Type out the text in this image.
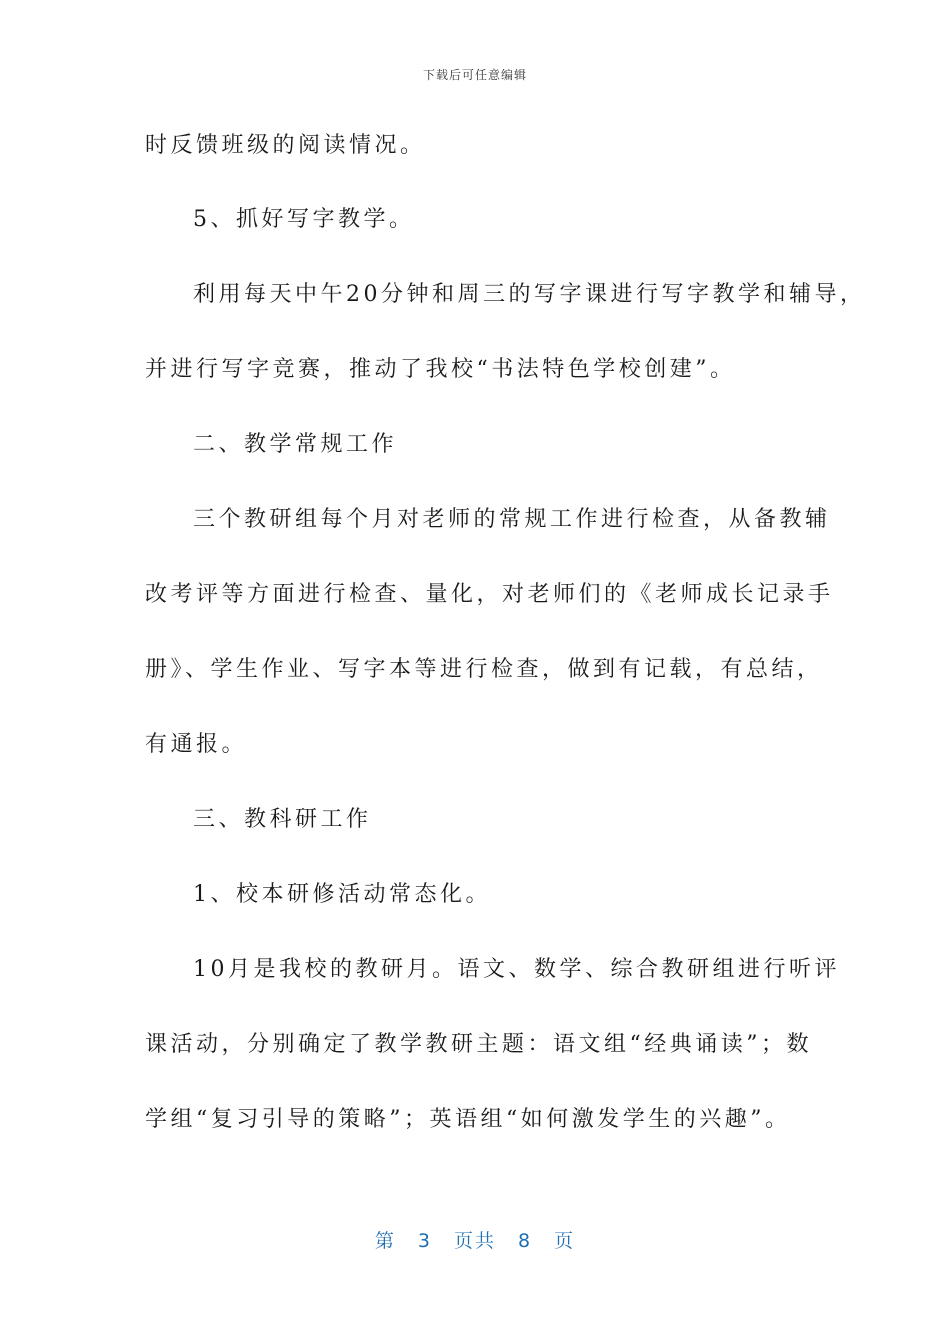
下载后可任意编辑
时反馈班级的阅读情况。
5、抓好写字教学。
利用每天中午20分钟和周三的写字课进行写字教学和辅导，
并进行写字竞赛，推动了我校“书法特色学校创建”。
二、教学常规工作
三个教研组每个月对老师的常规工作进行检查，从备教辅
改考评等方面进行检查、量化，对老师们的《老师成长记录手
册》、学生作业、写字本等进行检查，做到有记载，有总结，
有通报。
三、教科研工作
1、校本研修活动常态化。
10月是我校的教研月。语文、数学、综合教研组进行听评
课活动，分别确定了教学教研主题：语文组“经典诵读”；数
学组“复习引导的策略”；英语组“如何激发学生的兴趣”。
第 3 页共 8 页
